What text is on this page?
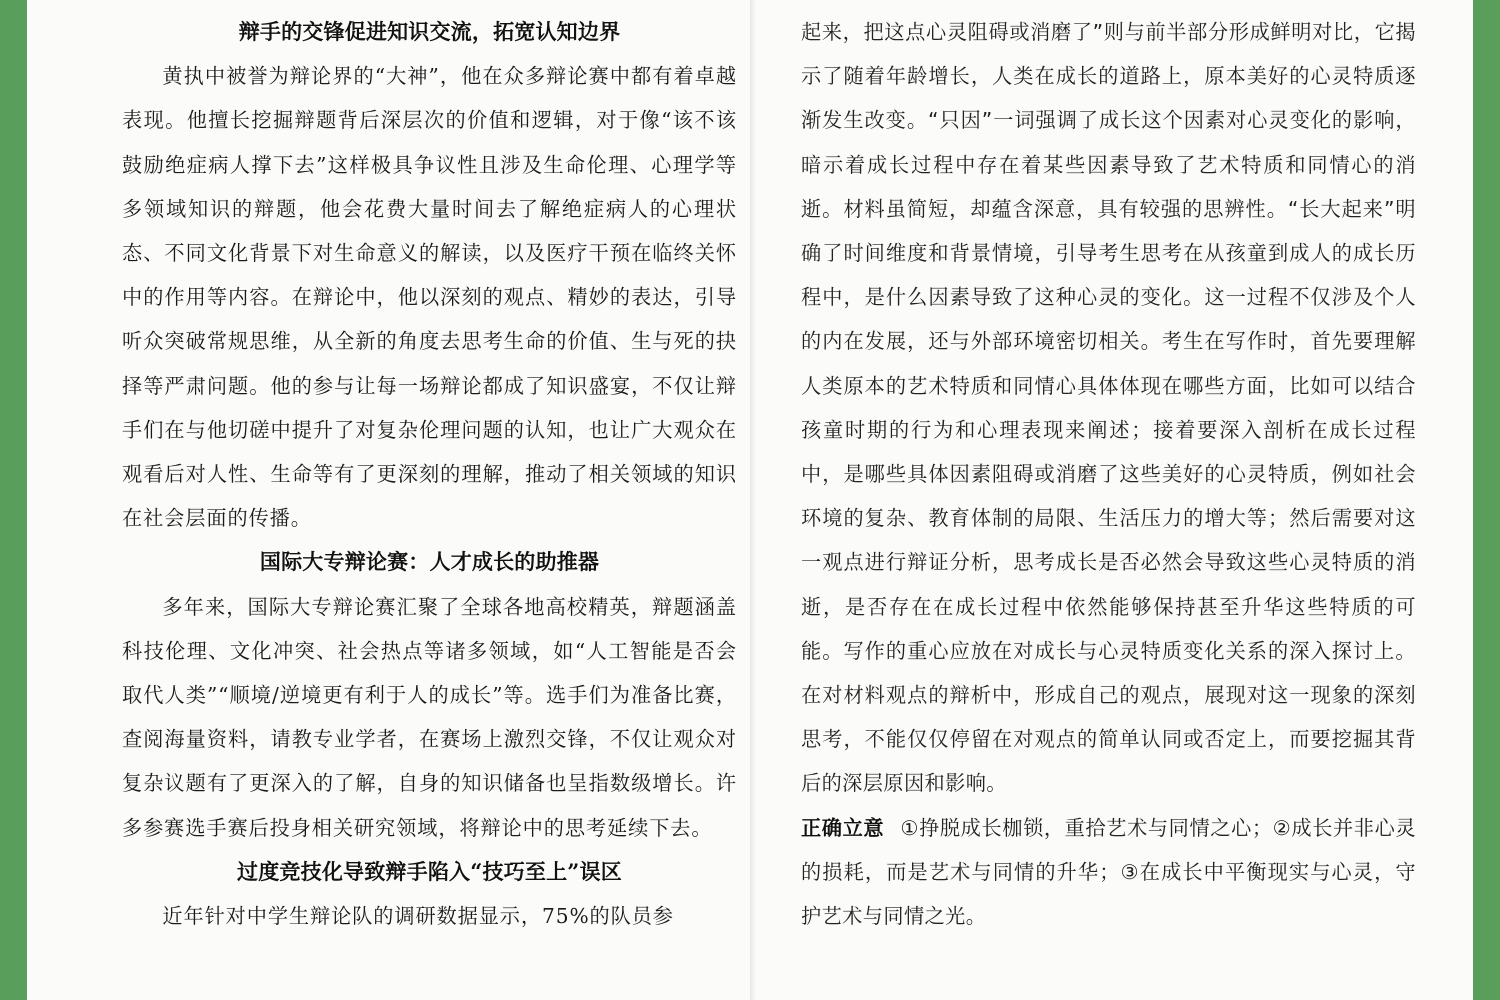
辩手的交锋促进知识交流，拓宽认知边界

黄执中被誉为辩论界的“大神”，他在众多辩论赛中都有着卓越表现。他擅长挖掘辩题背后深层次的价值和逻辑，对于像“该不该鼓励绝症病人撑下去”这样极具争议性且涉及生命伦理、心理学等多领域知识的辩题，他会花费大量时间去了解绝症病人的心理状态、不同文化背景下对生命意义的解读，以及医疗干预在临终关怀中的作用等内容。在辩论中，他以深刻的观点、精妙的表达，引导听众突破常规思维，从全新的角度去思考生命的价值、生与死的抉择等严肃问题。他的参与让每一场辩论都成了知识盛宴，不仅让辩手们在与他切磋中提升了对复杂伦理问题的认知，也让广大观众在观看后对人性、生命等有了更深刻的理解，推动了相关领域的知识在社会层面的传播。

国际大专辩论赛：人才成长的助推器

多年来，国际大专辩论赛汇聚了全球各地高校精英，辩题涵盖科技伦理、文化冲突、社会热点等诸多领域，如“人工智能是否会取代人类”“顺境/逆境更有利于人的成长”等。选手们为准备比赛，查阅海量资料，请教专业学者，在赛场上激烈交锋，不仅让观众对复杂议题有了更深入的了解，自身的知识储备也呈指数级增长。许多参赛选手赛后投身相关研究领域，将辩论中的思考延续下去。

过度竞技化导致辩手陷入“技巧至上”误区

近年针对中学生辩论队的调研数据显示，75%的队员参

起来，把这点心灵阻碍或消磨了”则与前半部分形成鲜明对比，它揭示了随着年龄增长，人类在成长的道路上，原本美好的心灵特质逐渐发生改变。“只因”一词强调了成长这个因素对心灵变化的影响，暗示着成长过程中存在着某些因素导致了艺术特质和同情心的消逝。材料虽简短，却蕴含深意，具有较强的思辨性。“长大起来”明确了时间维度和背景情境，引导考生思考在从孩童到成人的成长历程中，是什么因素导致了这种心灵的变化。这一过程不仅涉及个人的内在发展，还与外部环境密切相关。考生在写作时，首先要理解人类原本的艺术特质和同情心具体体现在哪些方面，比如可以结合孩童时期的行为和心理表现来阐述；接着要深入剖析在成长过程中，是哪些具体因素阻碍或消磨了这些美好的心灵特质，例如社会环境的复杂、教育体制的局限、生活压力的增大等；然后需要对这一观点进行辩证分析，思考成长是否必然会导致这些心灵特质的消逝，是否存在在成长过程中依然能够保持甚至升华这些特质的可能。写作的重心应放在对成长与心灵特质变化关系的深入探讨上。在对材料观点的辩析中，形成自己的观点，展现对这一现象的深刻思考，不能仅仅停留在对观点的简单认同或否定上，而要挖掘其背后的深层原因和影响。

正确立意 ①挣脱成长枷锁，重拾艺术与同情之心；②成长并非心灵的损耗，而是艺术与同情的升华；③在成长中平衡现实与心灵，守护艺术与同情之光。
